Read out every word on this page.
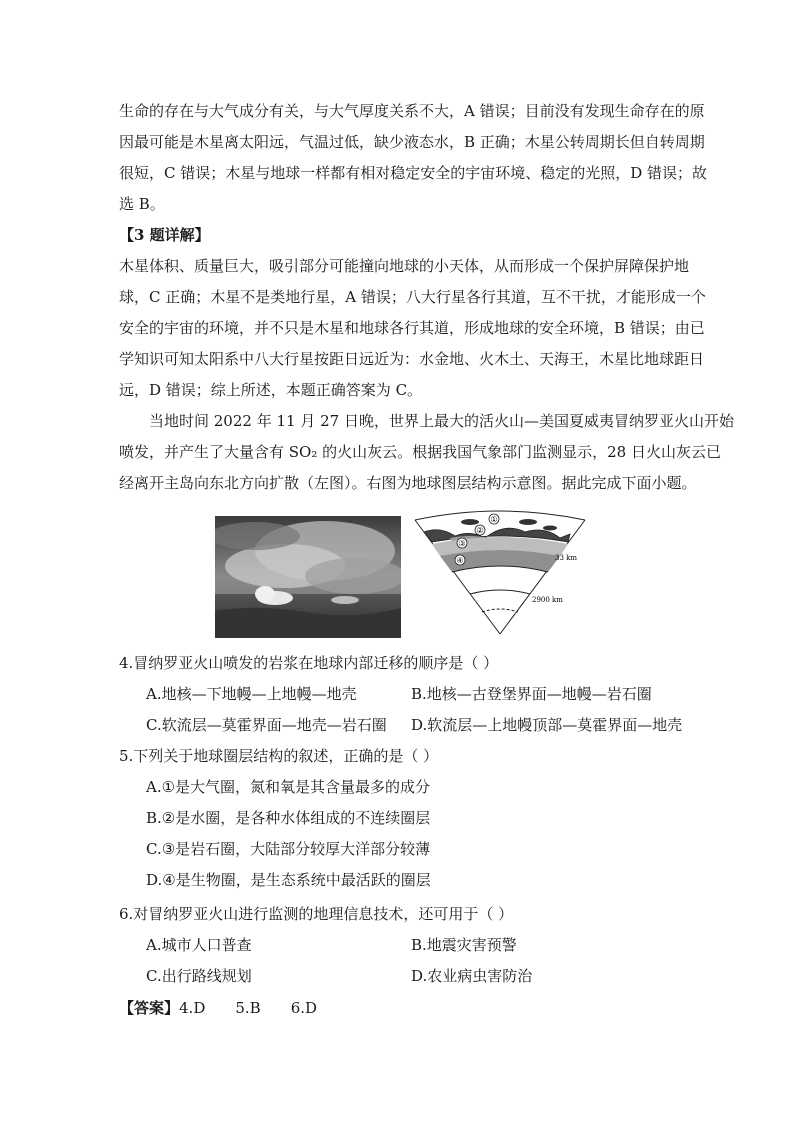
生命的存在与大气成分有关，与大气厚度关系不大，A 错误；目前没有发现生命存在的原
因最可能是木星离太阳远，气温过低，缺少液态水，B 正确；木星公转周期长但自转周期
很短，C 错误；木星与地球一样都有相对稳定安全的宇宙环境、稳定的光照，D 错误；故
选 B。
【3 题详解】
木星体积、质量巨大，吸引部分可能撞向地球的小天体，从而形成一个保护屏障保护地
球，C 正确；木星不是类地行星，A 错误；八大行星各行其道，互不干扰，才能形成一个
安全的宇宙的环境，并不只是木星和地球各行其道，形成地球的安全环境，B 错误；由已
学知识可知太阳系中八大行星按距日远近为：水金地、火木土、天海王，木星比地球距日
远，D 错误；综上所述，本题正确答案为 C。
当地时间 2022 年 11 月 27 日晚，世界上最大的活火山—美国夏威夷冒纳罗亚火山开始
喷发，并产生了大量含有 SO₂ 的火山灰云。根据我国气象部门监测显示，28 日火山灰云已
经离开主岛向东北方向扩散（左图）。右图为地球图层结构示意图。据此完成下面小题。
①
②
③
④	33 km
2900 km
4.冒纳罗亚火山喷发的岩浆在地球内部迁移的顺序是（ ）
A.地核—下地幔—上地幔—地壳	B.地核—古登堡界面—地幔—岩石圈
C.软流层—莫霍界面—地壳—岩石圈 D.软流层—上地幔顶部—莫霍界面—地壳
5.下列关于地球圈层结构的叙述，正确的是（ ）
A.①是大气圈，氮和氧是其含量最多的成分
B.②是水圈，是各种水体组成的不连续圈层
C.③是岩石圈，大陆部分较厚大洋部分较薄
D.④是生物圈，是生态系统中最活跃的圈层
6.对冒纳罗亚火山进行监测的地理信息技术，还可用于（ ）
A.城市人口普查	B.地震灾害预警
C.出行路线规划	D.农业病虫害防治
【答案】4.D 5.B 6.D
